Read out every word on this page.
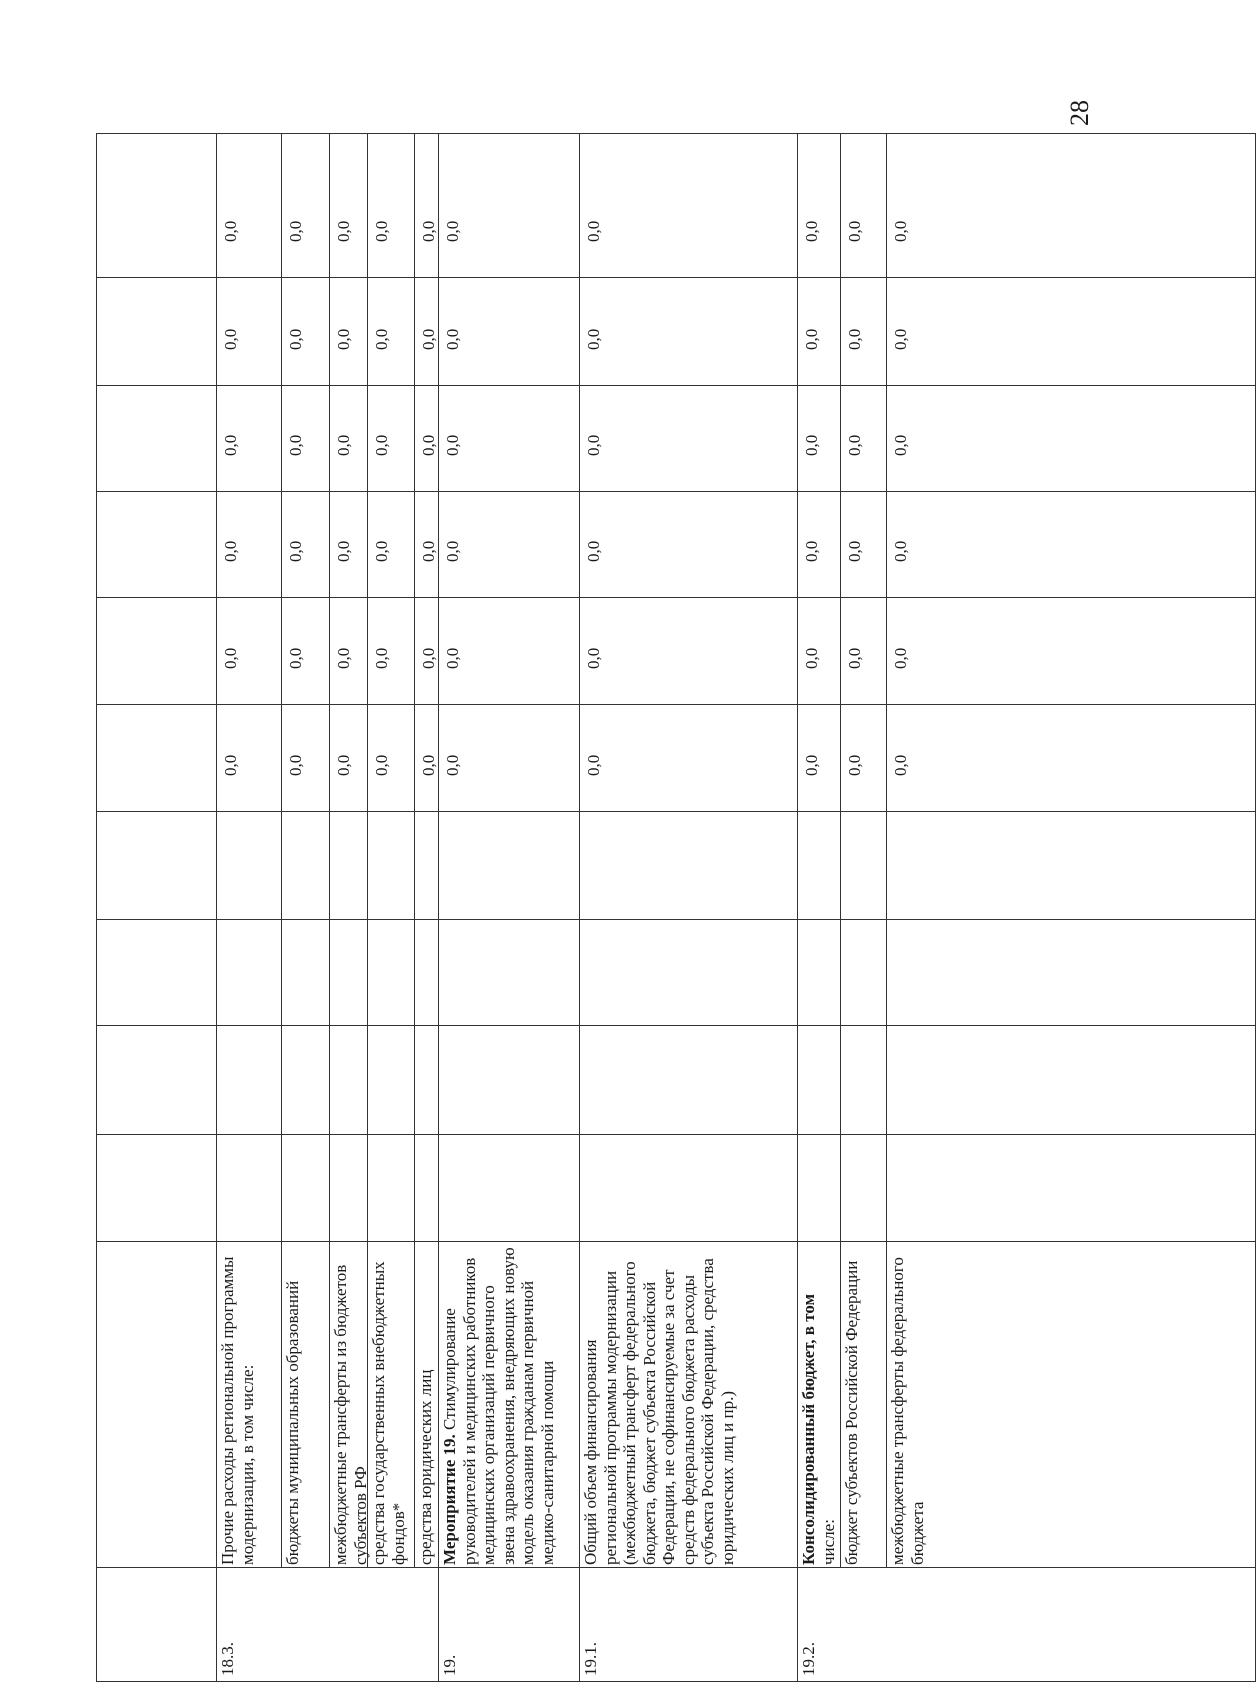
28
18.3.
Прочие расходы региональной программы модернизации, в том числе:
0,0
0,0
0,0
0,0
0,0
0,0
бюджеты муниципальных образований
0,0
0,0
0,0
0,0
0,0
0,0
межбюджетные трансферты из бюджетов субъектов РФ
0,0
0,0
0,0
0,0
0,0
0,0
средства государственных внебюджетных фондов*
0,0
0,0
0,0
0,0
0,0
0,0
средства юридических лиц
0,0
0,0
0,0
0,0
0,0
0,0
19.
Мероприятие 19. Стимулирование руководителей и медицинских работников медицинских организаций первичного звена здравоохранения, внедряющих новую модель оказания гражданам первичной медико-санитарной помощи
0,0
0,0
0,0
0,0
0,0
0,0
19.1.
Общий объем финансирования региональной программы модернизации (межбюджетный трансферт федерального бюджета, бюджет субъекта Российской Федерации, не софинансируемые за счет средств федерального бюджета расходы субъекта Российской Федерации, средства юридических лиц и пр.)
0,0
0,0
0,0
0,0
0,0
0,0
19.2.
Консолидированный бюджет, в том числе:
0,0
0,0
0,0
0,0
0,0
0,0
бюджет субъектов Российской Федерации
0,0
0,0
0,0
0,0
0,0
0,0
межбюджетные трансферты федерального бюджета
0,0
0,0
0,0
0,0
0,0
0,0
